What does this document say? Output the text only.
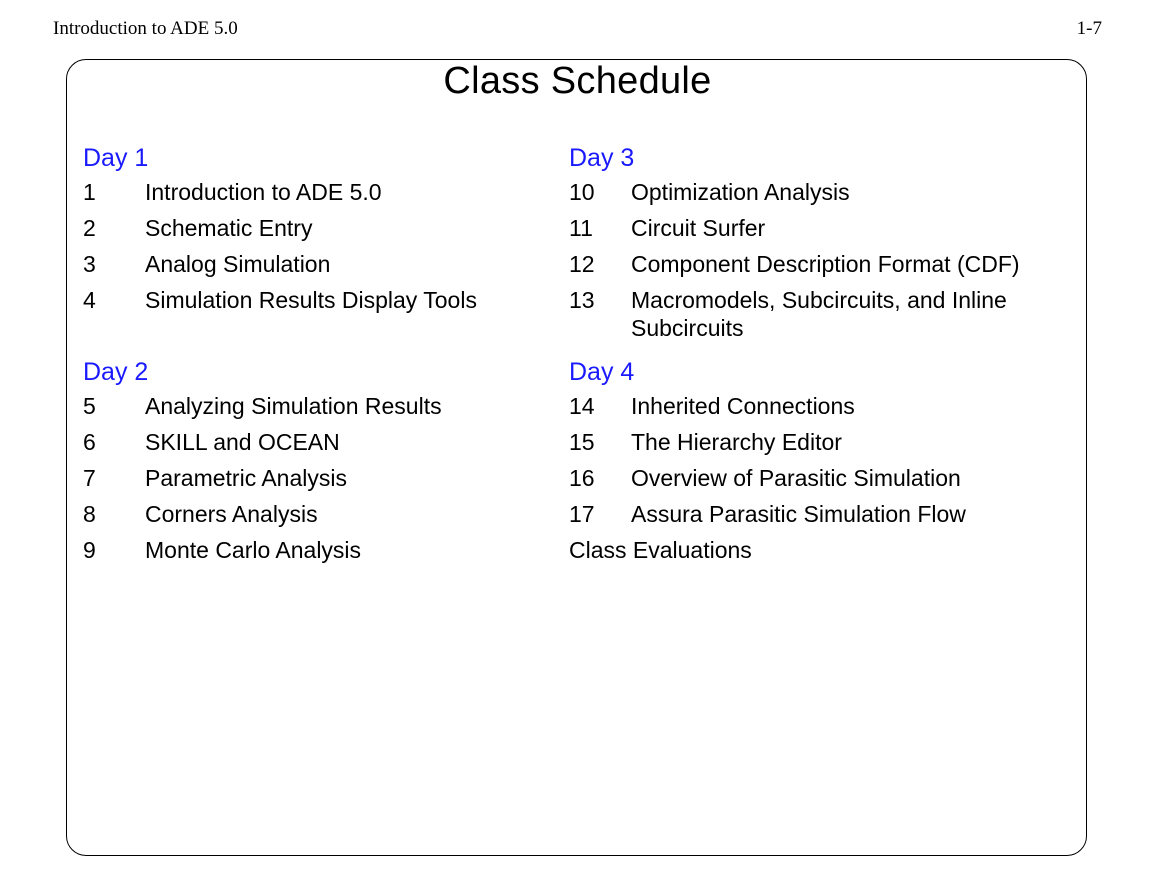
Introduction to ADE 5.0	1-7
Class Schedule
Day 1
1	Introduction to ADE 5.0
2	Schematic Entry
3	Analog Simulation
4	Simulation Results Display Tools
Day 2
5	Analyzing Simulation Results
6	SKILL and OCEAN
7	Parametric Analysis
8	Corners Analysis
9	Monte Carlo Analysis
Day 3
10	Optimization Analysis
11	Circuit Surfer
12	Component Description Format (CDF)
13	Macromodels, Subcircuits, and Inline Subcircuits
Day 4
14	Inherited Connections
15	The Hierarchy Editor
16	Overview of Parasitic Simulation
17	Assura Parasitic Simulation Flow
Class Evaluations
